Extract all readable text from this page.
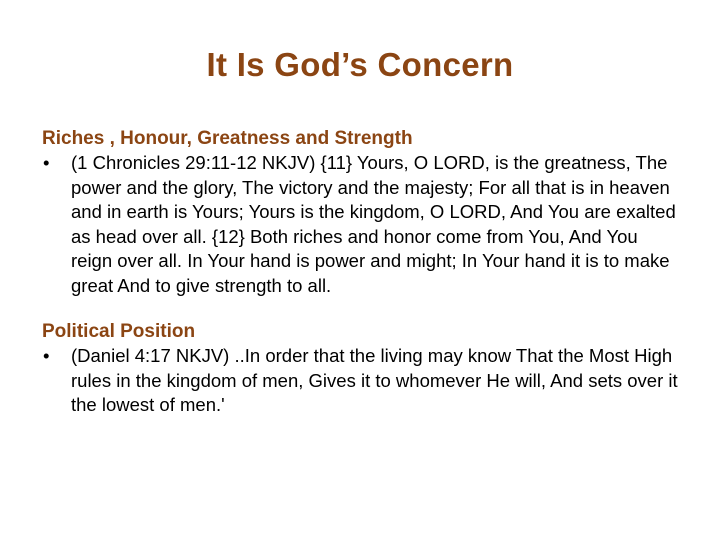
It Is God’s Concern

Riches , Honour, Greatness and Strength

•	(1 Chronicles 29:11-12 NKJV) {11} Yours, O LORD, is the greatness, The power and the glory, The victory and the majesty; For all that is in heaven and in earth is Yours; Yours is the kingdom, O LORD, And You are exalted as head over all. {12} Both riches and honor come from You, And You reign over all. In Your hand is power and might; In Your hand it is to make great And to give strength to all.

Political Position

•	(Daniel 4:17 NKJV) ..In order that the living may know That the Most High rules in the kingdom of men, Gives it to whomever He will, And sets over it the lowest of men.'
